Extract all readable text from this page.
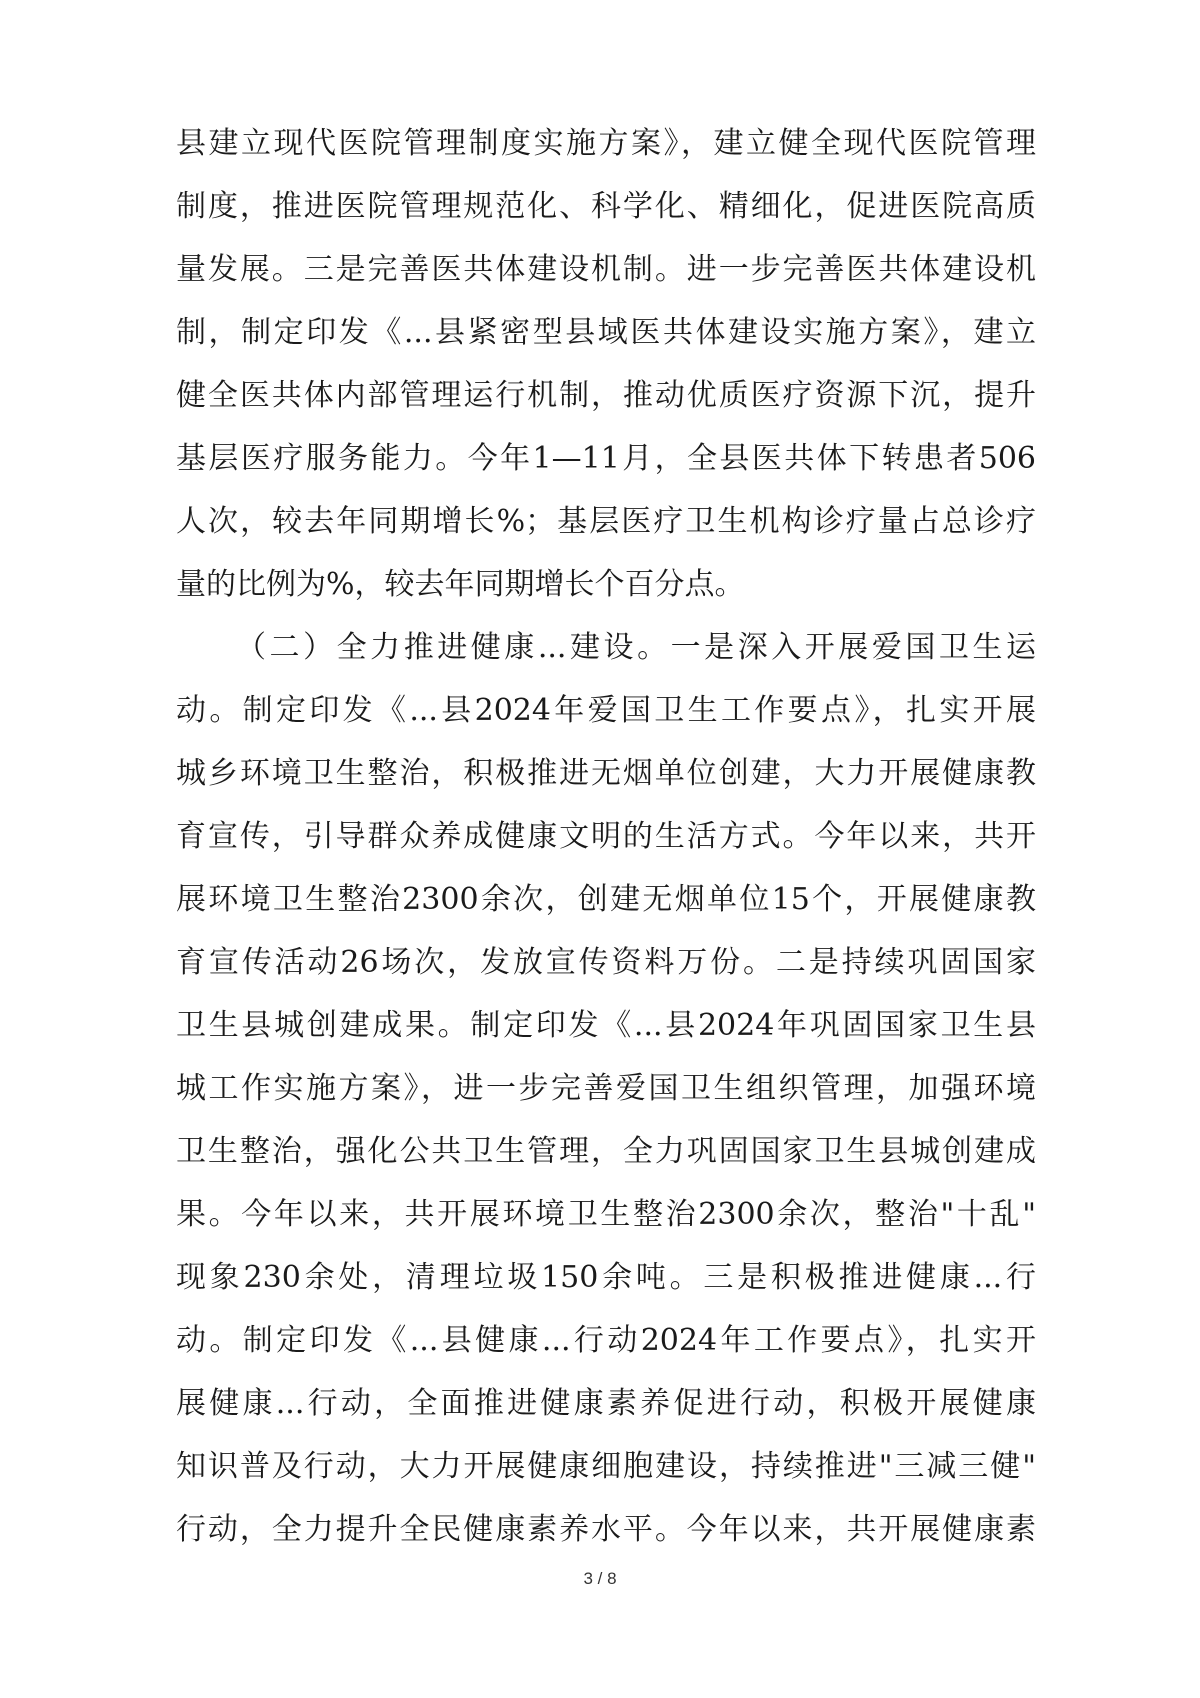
县建立现代医院管理制度实施方案》，建立健全现代医院管理
制度，推进医院管理规范化、科学化、精细化，促进医院高质
量发展。三是完善医共体建设机制。进一步完善医共体建设机
制，制定印发《...县紧密型县域医共体建设实施方案》，建立
健全医共体内部管理运行机制，推动优质医疗资源下沉，提升
基层医疗服务能力。今年1—11月，全县医共体下转患者506
人次，较去年同期增长%；基层医疗卫生机构诊疗量占总诊疗
量的比例为%，较去年同期增长个百分点。
（二）全力推进健康...建设。一是深入开展爱国卫生运
动。制定印发《...县2024年爱国卫生工作要点》，扎实开展
城乡环境卫生整治，积极推进无烟单位创建，大力开展健康教
育宣传，引导群众养成健康文明的生活方式。今年以来，共开
展环境卫生整治2300余次，创建无烟单位15个，开展健康教
育宣传活动26场次，发放宣传资料万份。二是持续巩固国家
卫生县城创建成果。制定印发《...县2024年巩固国家卫生县
城工作实施方案》，进一步完善爱国卫生组织管理，加强环境
卫生整治，强化公共卫生管理，全力巩固国家卫生县城创建成
果。今年以来，共开展环境卫生整治2300余次，整治"十乱"
现象230余处，清理垃圾150余吨。三是积极推进健康...行
动。制定印发《...县健康...行动2024年工作要点》，扎实开
展健康...行动，全面推进健康素养促进行动，积极开展健康
知识普及行动，大力开展健康细胞建设，持续推进"三减三健"
行动，全力提升全民健康素养水平。今年以来，共开展健康素
3 / 8
